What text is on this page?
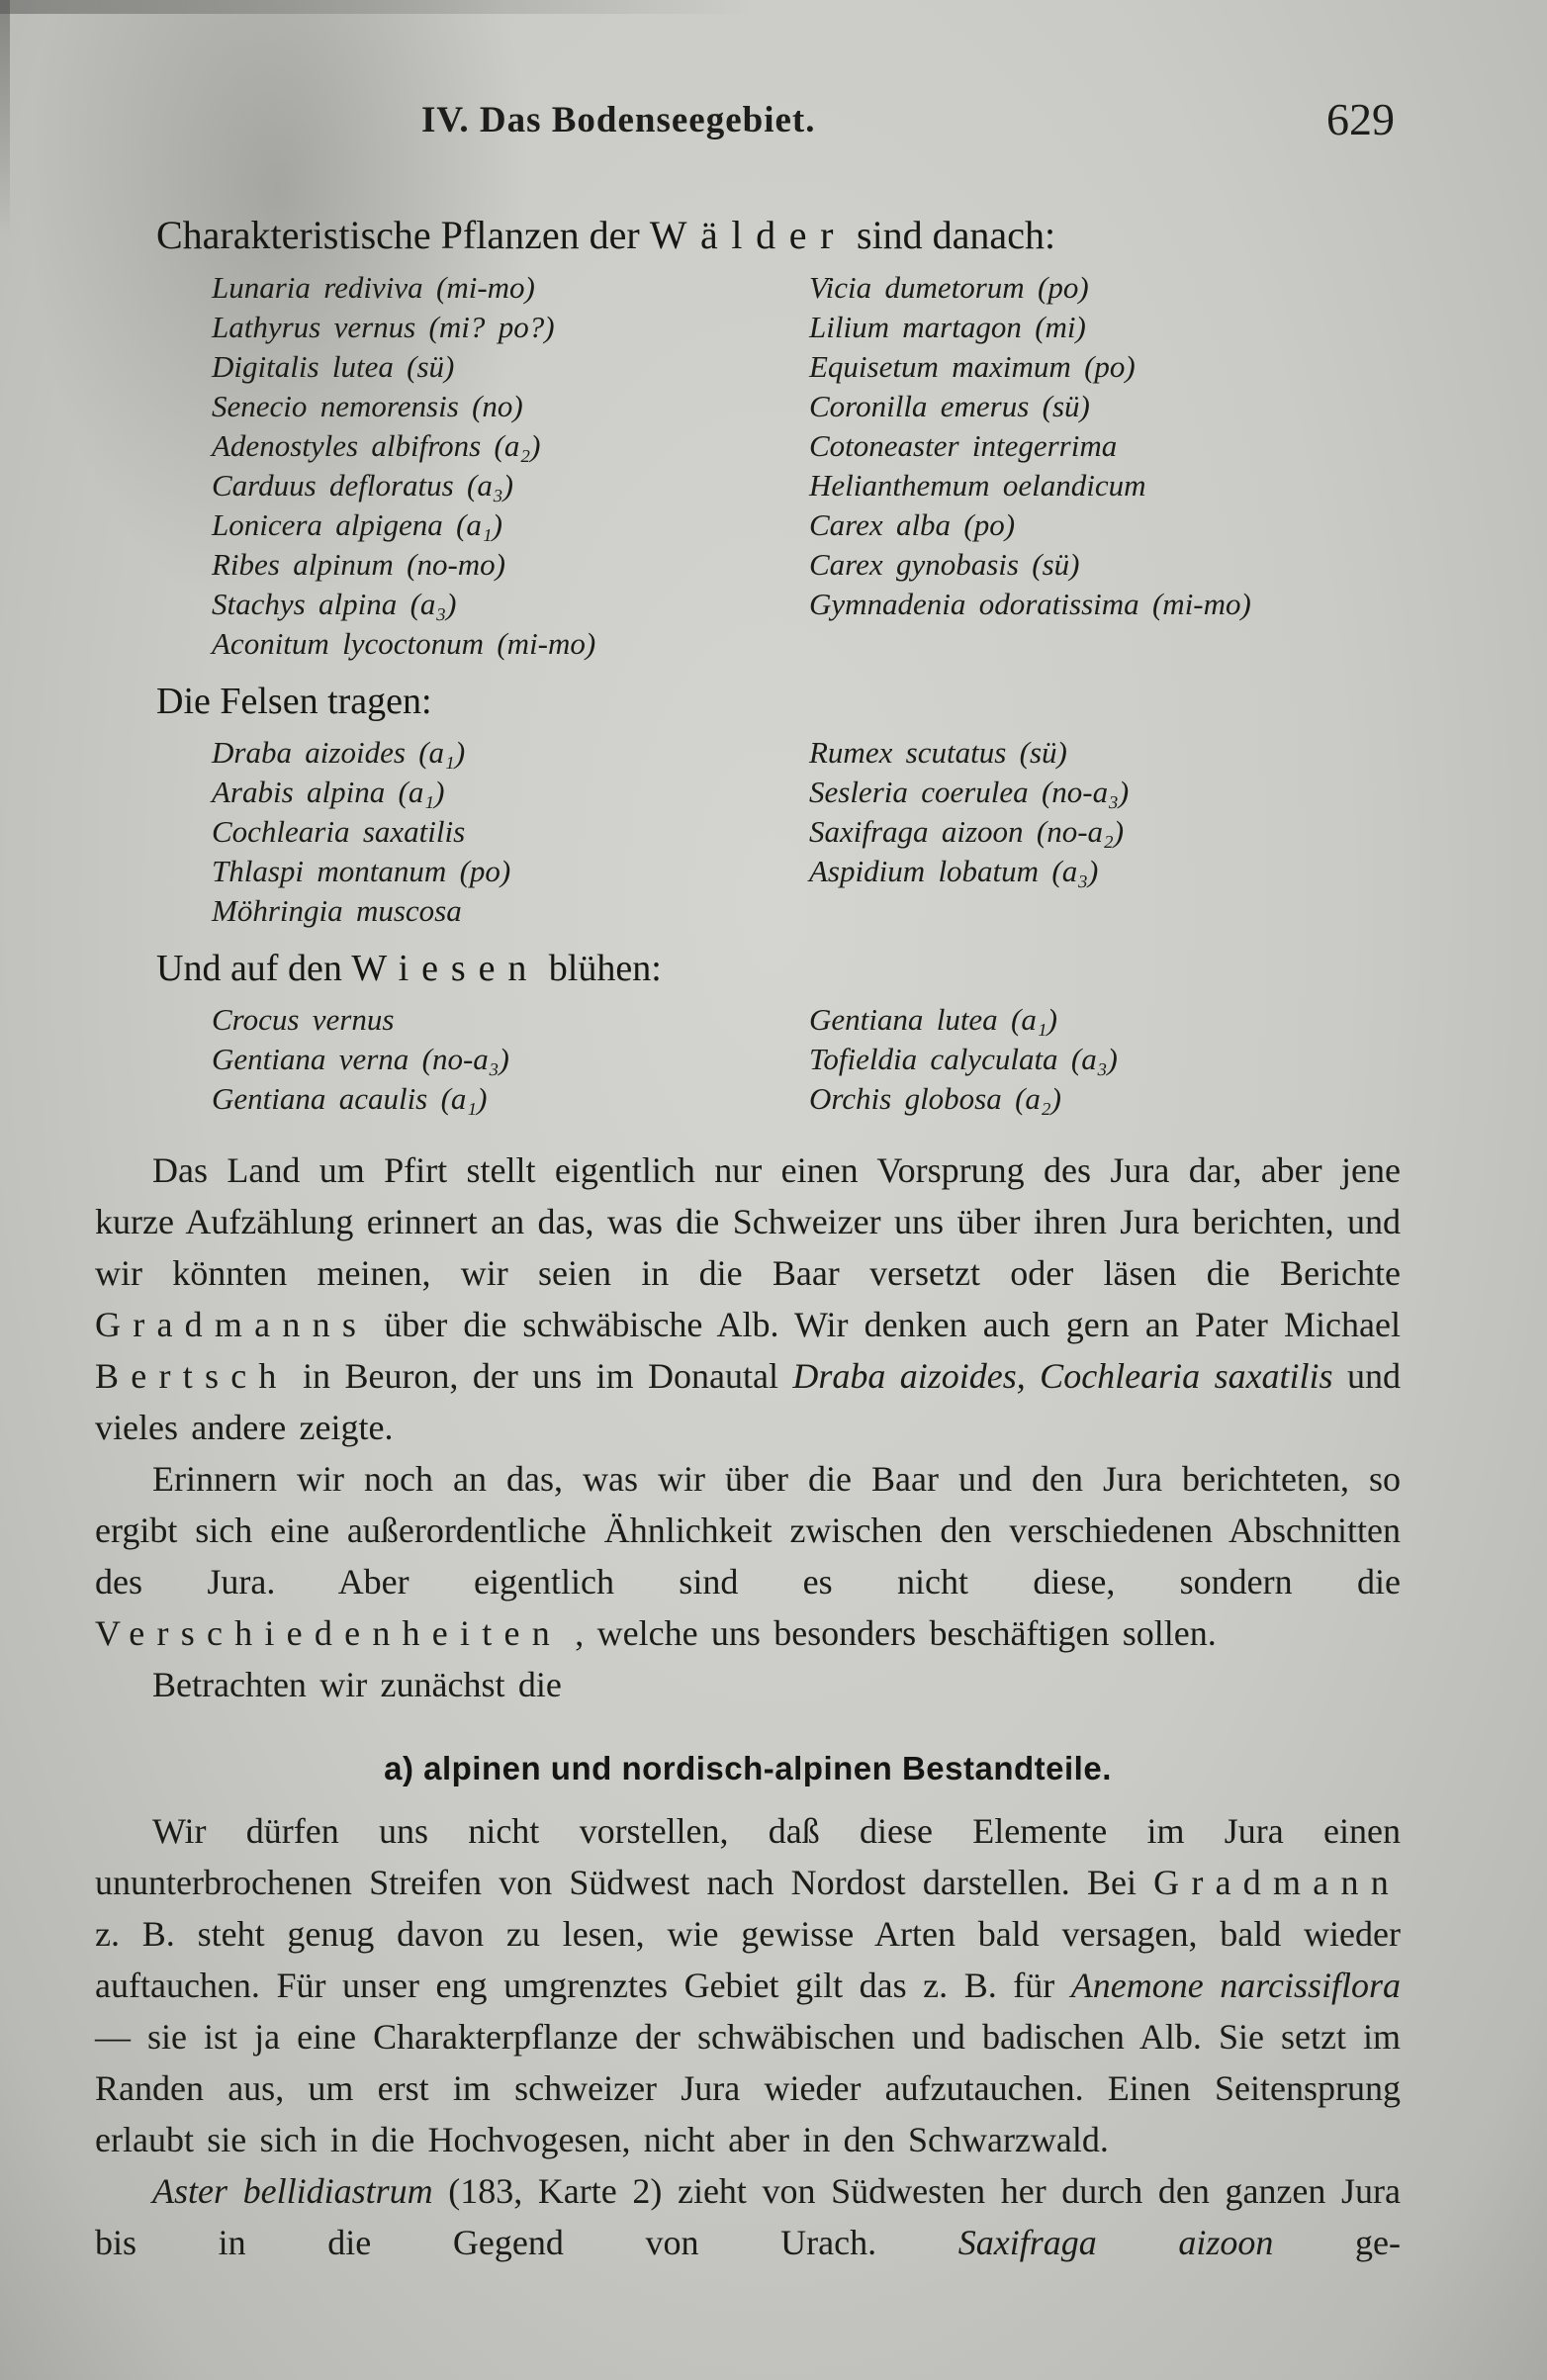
IV. Das Bodenseegebiet.	629
Charakteristische Pflanzen der Wälder sind danach:
Lunaria rediviva (mi-mo)
Lathyrus vernus (mi? po?)
Digitalis lutea (sü)
Senecio nemorensis (no)
Adenostyles albifrons (a₂)
Carduus defloratus (a₃)
Lonicera alpigena (a₁)
Ribes alpinum (no-mo)
Stachys alpina (a₃)
Aconitum lycoctonum (mi-mo)
Vicia dumetorum (po)
Lilium martagon (mi)
Equisetum maximum (po)
Coronilla emerus (sü)
Cotoneaster integerrima
Helianthemum oelandicum
Carex alba (po)
Carex gynobasis (sü)
Gymnadenia odoratissima (mi-mo)
Die Felsen tragen:
Draba aizoides (a₁)
Arabis alpina (a₁)
Cochlearia saxatilis
Thlaspi montanum (po)
Möhringia muscosa
Rumex scutatus (sü)
Sesleria coerulea (no-a₃)
Saxifraga aizoon (no-a₂)
Aspidium lobatum (a₃)
Und auf den Wiesen blühen:
Crocus vernus
Gentiana verna (no-a₃)
Gentiana acaulis (a₁)
Gentiana lutea (a₁)
Tofieldia calyculata (a₃)
Orchis globosa (a₂)

Das Land um Pfirt stellt eigentlich nur einen Vorsprung des Jura dar, aber jene kurze Aufzählung erinnert an das, was die Schweizer uns über ihren Jura berichten, und wir könnten meinen, wir seien in die Baar versetzt oder läsen die Berichte Gradmanns über die schwäbische Alb. Wir denken auch gern an Pater Michael Bertsch in Beuron, der uns im Donautal Draba aizoides, Cochlearia saxatilis und vieles andere zeigte.

Erinnern wir noch an das, was wir über die Baar und den Jura berichteten, so ergibt sich eine außerordentliche Ähnlichkeit zwischen den verschiedenen Abschnitten des Jura. Aber eigentlich sind es nicht diese, sondern die Verschiedenheiten , welche uns besonders beschäftigen sollen.

Betrachten wir zunächst die

a) alpinen und nordisch-alpinen Bestandteile.

Wir dürfen uns nicht vorstellen, daß diese Elemente im Jura einen ununterbrochenen Streifen von Südwest nach Nordost darstellen. Bei Gradmann z. B. steht genug davon zu lesen, wie gewisse Arten bald versagen, bald wieder auftauchen. Für unser eng umgrenztes Gebiet gilt das z. B. für Anemone narcissiflora — sie ist ja eine Charakterpflanze der schwäbischen und badischen Alb. Sie setzt im Randen aus, um erst im schweizer Jura wieder aufzutauchen. Einen Seitensprung erlaubt sie sich in die Hochvogesen, nicht aber in den Schwarzwald.

Aster bellidiastrum (183, Karte 2) zieht von Südwesten her durch den ganzen Jura bis in die Gegend von Urach. Saxifraga aizoon ge-
